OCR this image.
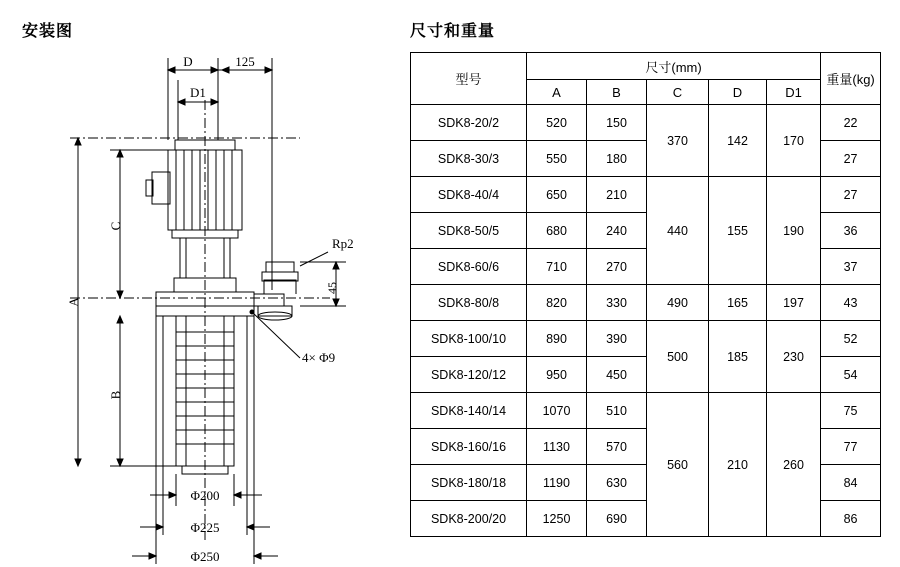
安装图	尺寸和重量
D	125
D1
A
C
B
45
Rp2
4× Φ9
Φ200
Φ225
Φ250
型号	尺寸(mm)					重量(kg)
	A	B	C	D	D1	
SDK8-20/2	520	150	370	142	170	22
SDK8-30/3	550	180				27
SDK8-40/4	650	210	440	155	190	27
SDK8-50/5	680	240				36
SDK8-60/6	710	270				37
SDK8-80/8	820	330	490	165	197	43
SDK8-100/10	890	390	500	185	230	52
SDK8-120/12	950	450				54
SDK8-140/14	1070	510	560	210	260	75
SDK8-160/16	1130	570				77
SDK8-180/18	1190	630				84
SDK8-200/20	1250	690				86
